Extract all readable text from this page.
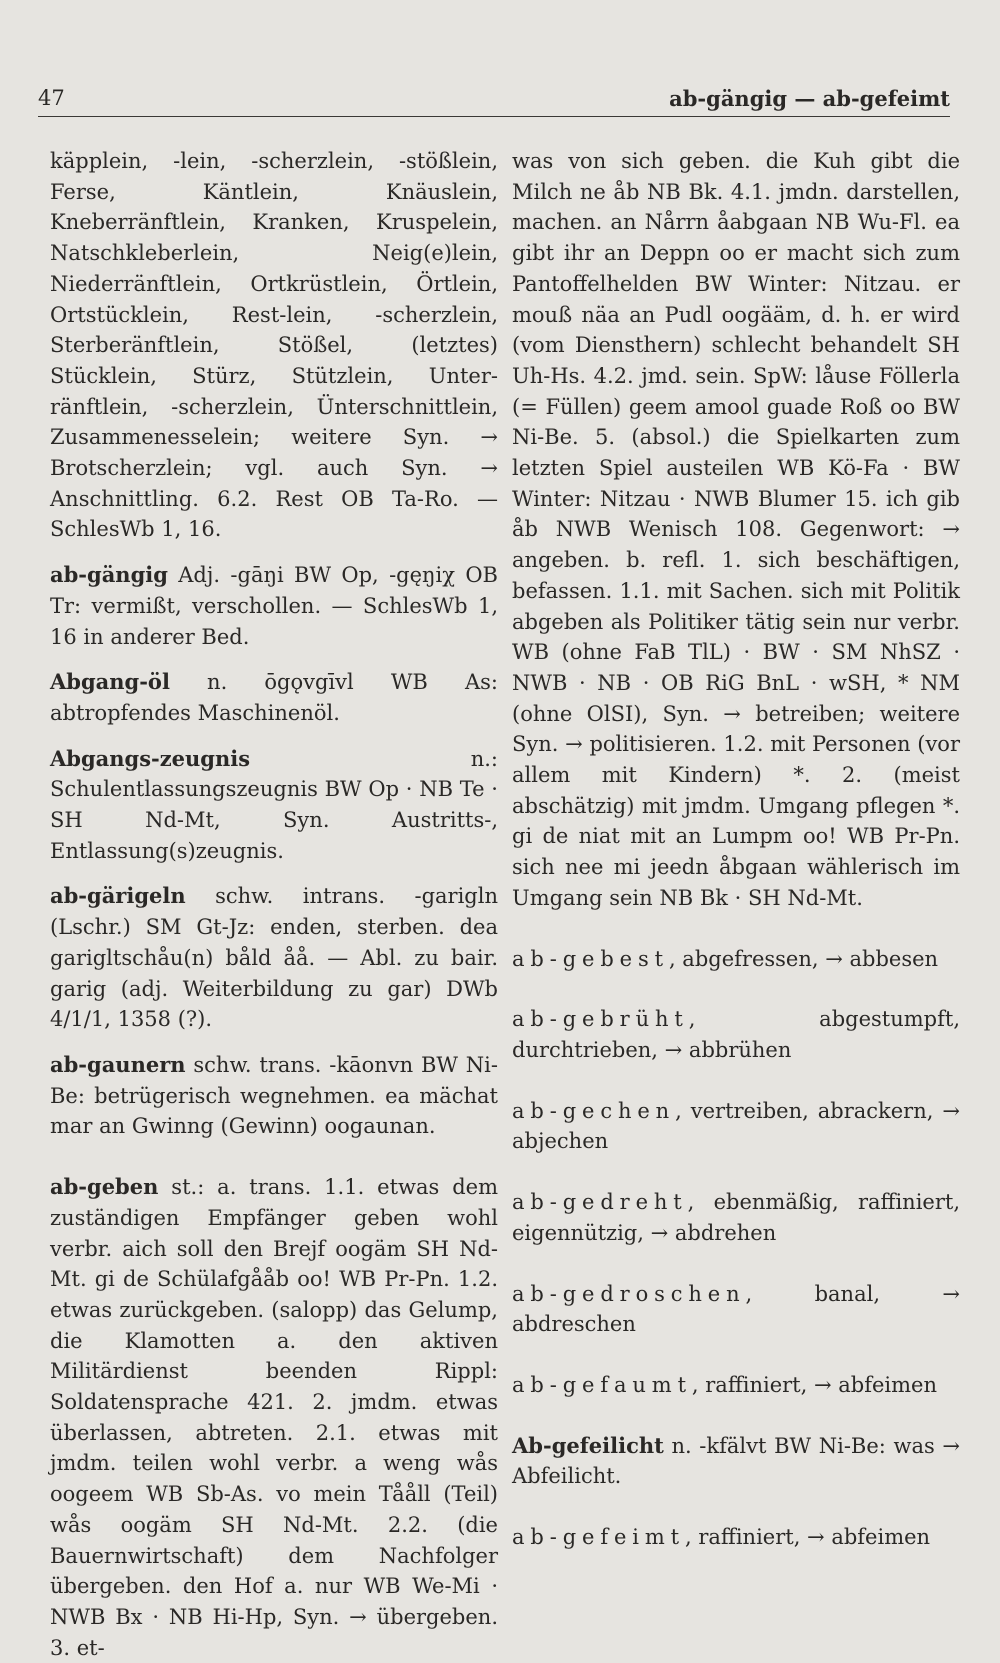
47	ab-gängig — ab-gefeimt

käpplein, -lein, -scherzlein, -stößlein, Ferse, Käntlein, Knäuslein, Kneberränftlein, Kranken, Kruspelein, Natschkleberlein, Neig(e)lein, Niederränftlein, Ortkrüstlein, Örtlein, Ortstücklein, Rest-lein, -scherzlein, Sterberänftlein, Stößel, (letztes) Stücklein, Stürz, Stützlein, Unter-ränftlein, -scherzlein, Ünterschnittlein, Zusammenesselein; weitere Syn. → Brotscherzlein; vgl. auch Syn. → Anschnittling. 6.2. Rest OB Ta-Ro. — SchlesWb 1, 16.

ab-gängig Adj. -gāŋi BW Op, -gęŋiχ OB Tr: vermißt, verschollen. — SchlesWb 1, 16 in anderer Bed.

Abgang-öl n. ōgǫvgīvl WB As: abtropfendes Maschinenöl.

Abgangs-zeugnis	n.: Schulentlassungszeugnis BW Op · NB Te · SH Nd-Mt, Syn. Austritts-, Entlassung(s)zeugnis.

ab-gärigeln schw. intrans. -garigln (Lschr.) SM Gt-Jz: enden, sterben. dea garigltschåu(n) båld åå. — Abl. zu bair. garig (adj. Weiterbildung zu gar) DWb 4/1/1, 1358 (?).

ab-gaunern schw. trans. -kāonvn BW Ni-Be: betrügerisch wegnehmen. ea mächat mar an Gwinng (Gewinn) oogaunan.

ab-geben st.: a. trans. 1.1. etwas dem zuständigen Empfänger geben wohl verbr. aich soll den Brejf oogäm SH Nd-Mt. gi de Schülafgååb oo! WB Pr-Pn. 1.2. etwas zurückgeben. (salopp) das Gelump, die Klamotten a. den aktiven Militärdienst beenden Rippl: Soldatensprache 421. 2. jmdm. etwas überlassen, abtreten. 2.1. etwas mit jmdm. teilen wohl verbr. a weng wås oogeem WB Sb-As. vo mein Tååll (Teil) wås oogäm SH Nd-Mt. 2.2. (die Bauernwirtschaft) dem Nachfolger übergeben. den Hof a. nur WB We-Mi · NWB Bx · NB Hi-Hp, Syn. → übergeben. 3. et-

was von sich geben. die Kuh gibt die Milch ne åb NB Bk. 4.1. jmdn. darstellen, machen. an Nårrn åabgaan NB Wu-Fl. ea gibt ihr an Deppn oo er macht sich zum Pantoffelhelden BW Winter: Nitzau. er mouß näa an Pudl oogääm, d. h. er wird (vom Diensthern) schlecht behandelt SH Uh-Hs. 4.2. jmd. sein. SpW: låuse Föllerla (= Füllen) geem amool guade Roß oo BW Ni-Be. 5. (absol.) die Spielkarten zum letzten Spiel austeilen WB Kö-Fa · BW Winter: Nitzau · NWB Blumer 15. ich gib åb NWB Wenisch 108. Gegenwort: → angeben. b. refl. 1. sich beschäftigen, befassen. 1.1. mit Sachen. sich mit Politik abgeben als Politiker tätig sein nur verbr. WB (ohne FaB TlL) · BW · SM NhSZ · NWB · NB · OB RiG BnL · wSH, * NM (ohne OlSI), Syn. → betreiben; weitere Syn. → politisieren. 1.2. mit Personen (vor allem mit Kindern) *. 2. (meist abschätzig) mit jmdm. Umgang pflegen *. gi de niat mit an Lumpm oo! WB Pr-Pn. sich nee mi jeedn åbgaan wählerisch im Umgang sein NB Bk · SH Nd-Mt.

ab-gebest, abgefressen, → abbesen

ab-gebrüht, abgestumpft, durchtrieben, → abbrühen

ab-gechen, vertreiben, abrackern, → abjechen

ab-gedreht, ebenmäßig, raffiniert, eigennützig, → abdrehen

ab-gedroschen, banal, → abdreschen

ab-gefaumt, raffiniert, → abfeimen

Ab-gefeilicht n. -kfälvt BW Ni-Be: was → Abfeilicht.

ab-gefeimt, raffiniert, → abfeimen
